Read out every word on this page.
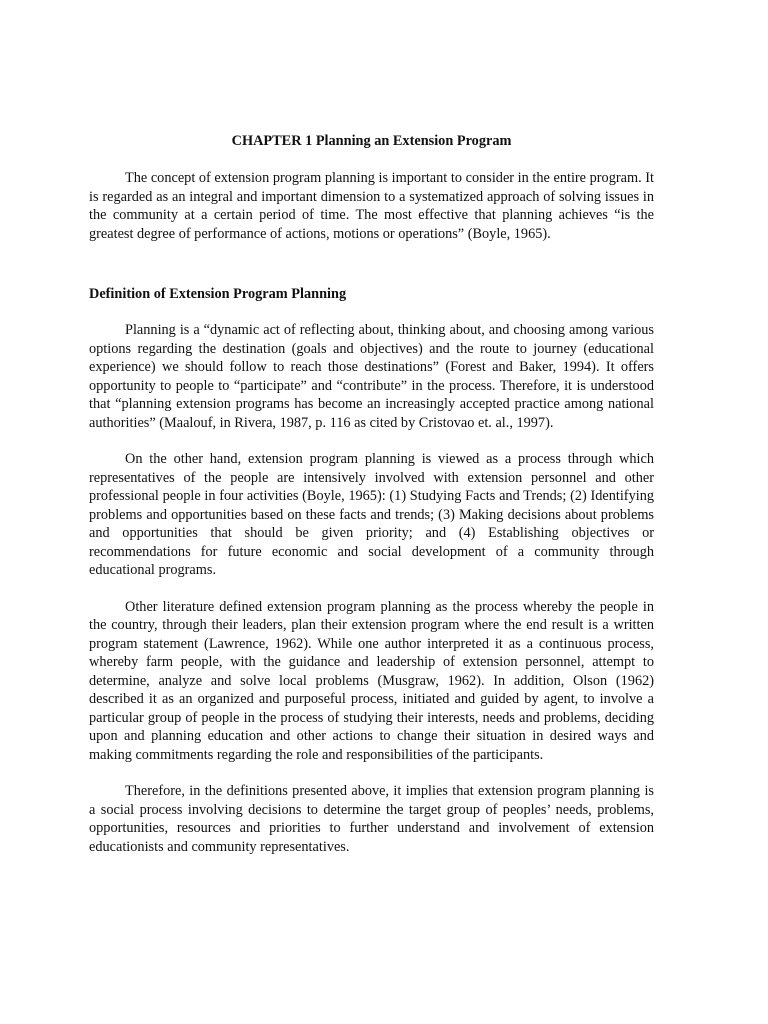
CHAPTER 1 Planning an Extension Program

The concept of extension program planning is important to consider in the entire program. It is regarded as an integral and important dimension to a systematized approach of solving issues in the community at a certain period of time. The most effective that planning achieves “is the greatest degree of performance of actions, motions or operations” (Boyle, 1965).

Definition of Extension Program Planning

Planning is a “dynamic act of reflecting about, thinking about, and choosing among various options regarding the destination (goals and objectives) and the route to journey (educational experience) we should follow to reach those destinations” (Forest and Baker, 1994). It offers opportunity to people to “participate” and “contribute” in the process. Therefore, it is understood that “planning extension programs has become an increasingly accepted practice among national authorities” (Maalouf, in Rivera, 1987, p. 116 as cited by Cristovao et. al., 1997).

On the other hand, extension program planning is viewed as a process through which representatives of the people are intensively involved with extension personnel and other professional people in four activities (Boyle, 1965): (1) Studying Facts and Trends; (2) Identifying problems and opportunities based on these facts and trends; (3) Making decisions about problems and opportunities that should be given priority; and (4) Establishing objectives or recommendations for future economic and social development of a community through educational programs.

Other literature defined extension program planning as the process whereby the people in the country, through their leaders, plan their extension program where the end result is a written program statement (Lawrence, 1962). While one author interpreted it as a continuous process, whereby farm people, with the guidance and leadership of extension personnel, attempt to determine, analyze and solve local problems (Musgraw, 1962). In addition, Olson (1962) described it as an organized and purposeful process, initiated and guided by agent, to involve a particular group of people in the process of studying their interests, needs and problems, deciding upon and planning education and other actions to change their situation in desired ways and making commitments regarding the role and responsibilities of the participants.

Therefore, in the definitions presented above, it implies that extension program planning is a social process involving decisions to determine the target group of peoples’ needs, problems, opportunities, resources and priorities to further understand and involvement of extension educationists and community representatives.
